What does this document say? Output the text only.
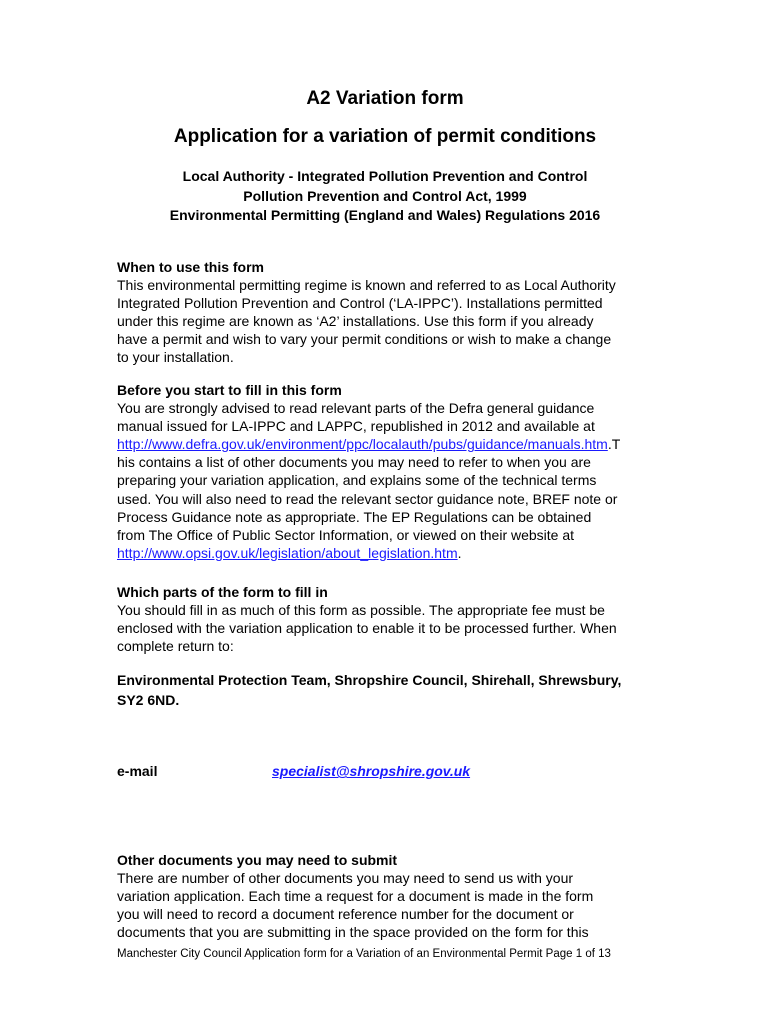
A2 Variation form
Application for a variation of permit conditions
Local Authority - Integrated Pollution Prevention and Control
Pollution Prevention and Control Act, 1999
Environmental Permitting (England and Wales) Regulations 2016
When to use this form
This environmental permitting regime is known and referred to as Local Authority
Integrated Pollution Prevention and Control (‘LA-IPPC’). Installations permitted
under this regime are known as ‘A2’ installations. Use this form if you already
have a permit and wish to vary your permit conditions or wish to make a change
to your installation.
Before you start to fill in this form
You are strongly advised to read relevant parts of the Defra general guidance
manual issued for LA-IPPC and LAPPC, republished in 2012 and available at
http://www.defra.gov.uk/environment/ppc/localauth/pubs/guidance/manuals.htm.T
his contains a list of other documents you may need to refer to when you are
preparing your variation application, and explains some of the technical terms
used. You will also need to read the relevant sector guidance note, BREF note or
Process Guidance note as appropriate. The EP Regulations can be obtained
from The Office of Public Sector Information, or viewed on their website at
http://www.opsi.gov.uk/legislation/about_legislation.htm.
Which parts of the form to fill in
You should fill in as much of this form as possible. The appropriate fee must be
enclosed with the variation application to enable it to be processed further. When
complete return to:
Environmental Protection Team, Shropshire Council, Shirehall, Shrewsbury,
SY2 6ND.
e-mail	specialist@shropshire.gov.uk
Other documents you may need to submit
There are number of other documents you may need to send us with your
variation application. Each time a request for a document is made in the form
you will need to record a document reference number for the document or
documents that you are submitting in the space provided on the form for this
Manchester City Council Application form for a Variation of an Environmental Permit Page 1 of 13
